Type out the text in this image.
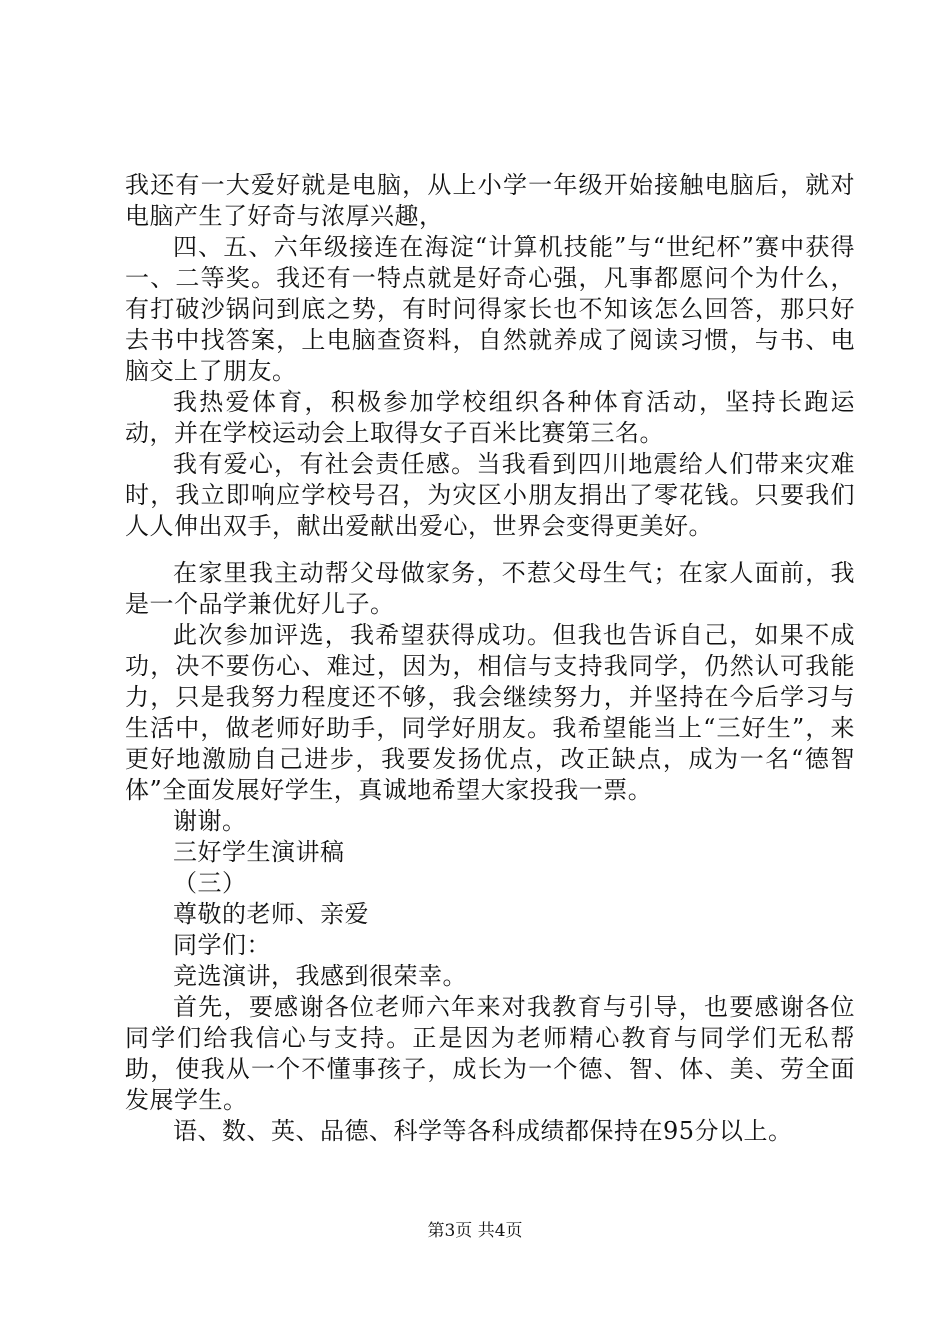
我还有一大爱好就是电脑，从上小学一年级开始接触电脑后，就对电脑产生了好奇与浓厚兴趣，

四、五、六年级接连在海淀“计算机技能”与“世纪杯”赛中获得一、二等奖。我还有一特点就是好奇心强，凡事都愿问个为什么，有打破沙锅问到底之势，有时问得家长也不知该怎么回答，那只好去书中找答案，上电脑查资料，自然就养成了阅读习惯，与书、电脑交上了朋友。

我热爱体育，积极参加学校组织各种体育活动，坚持长跑运动，并在学校运动会上取得女子百米比赛第三名。

我有爱心，有社会责任感。当我看到四川地震给人们带来灾难时，我立即响应学校号召，为灾区小朋友捐出了零花钱。只要我们人人伸出双手，献出爱献出爱心，世界会变得更美好。

在家里我主动帮父母做家务，不惹父母生气；在家人面前，我是一个品学兼优好儿子。

此次参加评选，我希望获得成功。但我也告诉自己，如果不成功，决不要伤心、难过，因为，相信与支持我同学，仍然认可我能力，只是我努力程度还不够，我会继续努力，并坚持在今后学习与生活中，做老师好助手，同学好朋友。我希望能当上“三好生”，来更好地激励自己进步，我要发扬优点，改正缺点，成为一名“德智体”全面发展好学生，真诚地希望大家投我一票。

谢谢。

三好学生演讲稿

（三）

尊敬的老师、亲爱

同学们：

竞选演讲，我感到很荣幸。

首先，要感谢各位老师六年来对我教育与引导，也要感谢各位同学们给我信心与支持。正是因为老师精心教育与同学们无私帮助，使我从一个不懂事孩子，成长为一个德、智、体、美、劳全面发展学生。

语、数、英、品德、科学等各科成绩都保持在95分以上。

第3页 共4页
